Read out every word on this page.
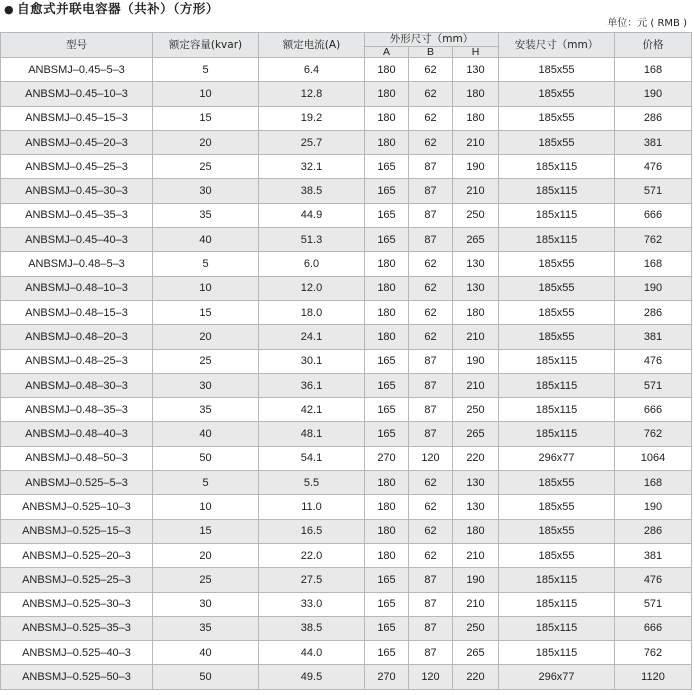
● 自愈式并联电容器（共补）（方形）
单位：元 ( RMB )
型号	额定容量(kvar)	额定电流(A)	外形尺寸（mm）			安装尺寸（mm）	价格
			A	B	H		
ANBSMJ–0.45–5–3	5	6.4	180	62	130	185x55	168
ANBSMJ–0.45–10–3	10	12.8	180	62	180	185x55	190
ANBSMJ–0.45–15–3	15	19.2	180	62	180	185x55	286
ANBSMJ–0.45–20–3	20	25.7	180	62	210	185x55	381
ANBSMJ–0.45–25–3	25	32.1	165	87	190	185x115	476
ANBSMJ–0.45–30–3	30	38.5	165	87	210	185x115	571
ANBSMJ–0.45–35–3	35	44.9	165	87	250	185x115	666
ANBSMJ–0.45–40–3	40	51.3	165	87	265	185x115	762
ANBSMJ–0.48–5–3	5	6.0	180	62	130	185x55	168
ANBSMJ–0.48–10–3	10	12.0	180	62	130	185x55	190
ANBSMJ–0.48–15–3	15	18.0	180	62	180	185x55	286
ANBSMJ–0.48–20–3	20	24.1	180	62	210	185x55	381
ANBSMJ–0.48–25–3	25	30.1	165	87	190	185x115	476
ANBSMJ–0.48–30–3	30	36.1	165	87	210	185x115	571
ANBSMJ–0.48–35–3	35	42.1	165	87	250	185x115	666
ANBSMJ–0.48–40–3	40	48.1	165	87	265	185x115	762
ANBSMJ–0.48–50–3	50	54.1	270	120	220	296x77	1064
ANBSMJ–0.525–5–3	5	5.5	180	62	130	185x55	168
ANBSMJ–0.525–10–3	10	11.0	180	62	130	185x55	190
ANBSMJ–0.525–15–3	15	16.5	180	62	180	185x55	286
ANBSMJ–0.525–20–3	20	22.0	180	62	210	185x55	381
ANBSMJ–0.525–25–3	25	27.5	165	87	190	185x115	476
ANBSMJ–0.525–30–3	30	33.0	165	87	210	185x115	571
ANBSMJ–0.525–35–3	35	38.5	165	87	250	185x115	666
ANBSMJ–0.525–40–3	40	44.0	165	87	265	185x115	762
ANBSMJ–0.525–50–3	50	49.5	270	120	220	296x77	1120
